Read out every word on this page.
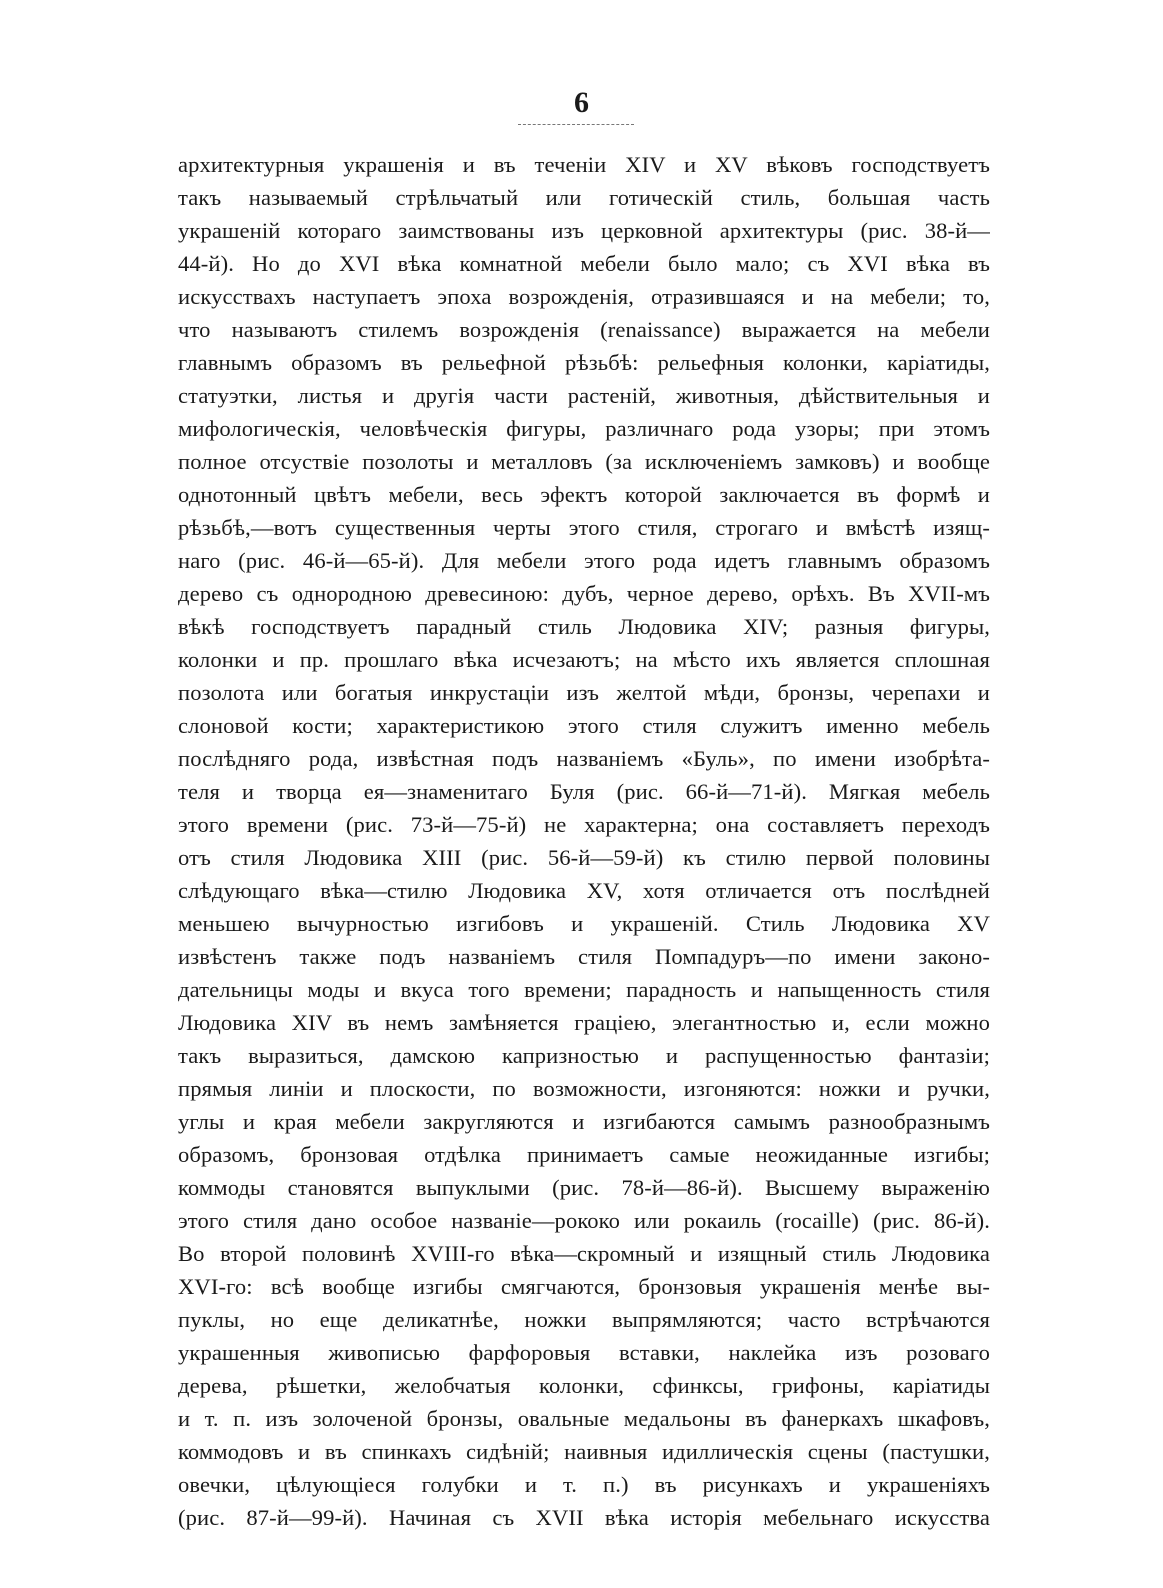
6
архитектурныя украшенія и въ теченіи XIV и XV вѣковъ господствуетъ
такъ называемый стрѣльчатый или готическій стиль, большая часть
украшеній котораго заимствованы изъ церковной архитектуры (рис. 38-й—
44-й). Но до XVI вѣка комнатной мебели было мало; съ XVI вѣка въ
искусствахъ наступаетъ эпоха возрожденія, отразившаяся и на мебели; то,
что называютъ стилемъ возрожденія (renaissance) выражается на мебели
главнымъ образомъ въ рельефной рѣзьбѣ: рельефныя колонки, каріатиды,
статуэтки, листья и другія части растеній, животныя, дѣйствительныя и
мифологическія, человѣческія фигуры, различнаго рода узоры; при этомъ
полное отсуствіе позолоты и металловъ (за исключеніемъ замковъ) и вообще
однотонный цвѣтъ мебели, весь эфектъ которой заключается въ формѣ и
рѣзьбѣ,—вотъ существенныя черты этого стиля, строгаго и вмѣстѣ изящ-
наго (рис. 46-й—65-й). Для мебели этого рода идетъ главнымъ образомъ
дерево съ однородною древесиною: дубъ, черное дерево, орѣхъ. Въ XVII-мъ
вѣкѣ господствуетъ парадный стиль Людовика XIV; разныя фигуры,
колонки и пр. прошлаго вѣка исчезаютъ; на мѣсто ихъ является сплошная
позолота или богатыя инкрустаціи изъ желтой мѣди, бронзы, черепахи и
слоновой кости; характеристикою этого стиля служитъ именно мебель
послѣдняго рода, извѣстная подъ названіемъ «Буль», по имени изобрѣта-
теля и творца ея—знаменитаго Буля (рис. 66-й—71-й). Мягкая мебель
этого времени (рис. 73-й—75-й) не характерна; она составляетъ переходъ
отъ стиля Людовика XIII (рис. 56-й—59-й) къ стилю первой половины
слѣдующаго вѣка—стилю Людовика XV, хотя отличается отъ послѣдней
меньшею вычурностью изгибовъ и украшеній. Стиль Людовика XV
извѣстенъ также подъ названіемъ стиля Помпадуръ—по имени законо-
дательницы моды и вкуса того времени; парадность и напыщенность стиля
Людовика XIV въ немъ замѣняется граціею, элегантностью и, если можно
такъ выразиться, дамскою капризностью и распущенностью фантазіи;
прямыя линіи и плоскости, по возможности, изгоняются: ножки и ручки,
углы и края мебели закругляются и изгибаются самымъ разнообразнымъ
образомъ, бронзовая отдѣлка принимаетъ самые неожиданные изгибы;
коммоды становятся выпуклыми (рис. 78-й—86-й). Высшему выраженію
этого стиля дано особое названіе—рококо или рокаиль (rocaille) (рис. 86-й).
Во второй половинѣ XVIII-го вѣка—скромный и изящный стиль Людовика
XVI-го: всѣ вообще изгибы смягчаются, бронзовыя украшенія менѣе вы-
пуклы, но еще деликатнѣе, ножки выпрямляются; часто встрѣчаются
украшенныя живописью фарфоровыя вставки, наклейка изъ розоваго
дерева, рѣшетки, желобчатыя колонки, сфинксы, грифоны, каріатиды
и т. п. изъ золоченой бронзы, овальные медальоны въ фанеркахъ шкафовъ,
коммодовъ и въ спинкахъ сидѣній; наивныя идиллическія сцены (пастушки,
овечки, цѣлующіеся голубки и т. п.) въ рисункахъ и украшеніяхъ
(рис. 87-й—99-й). Начиная съ XVII вѣка исторія мебельнаго искусства
